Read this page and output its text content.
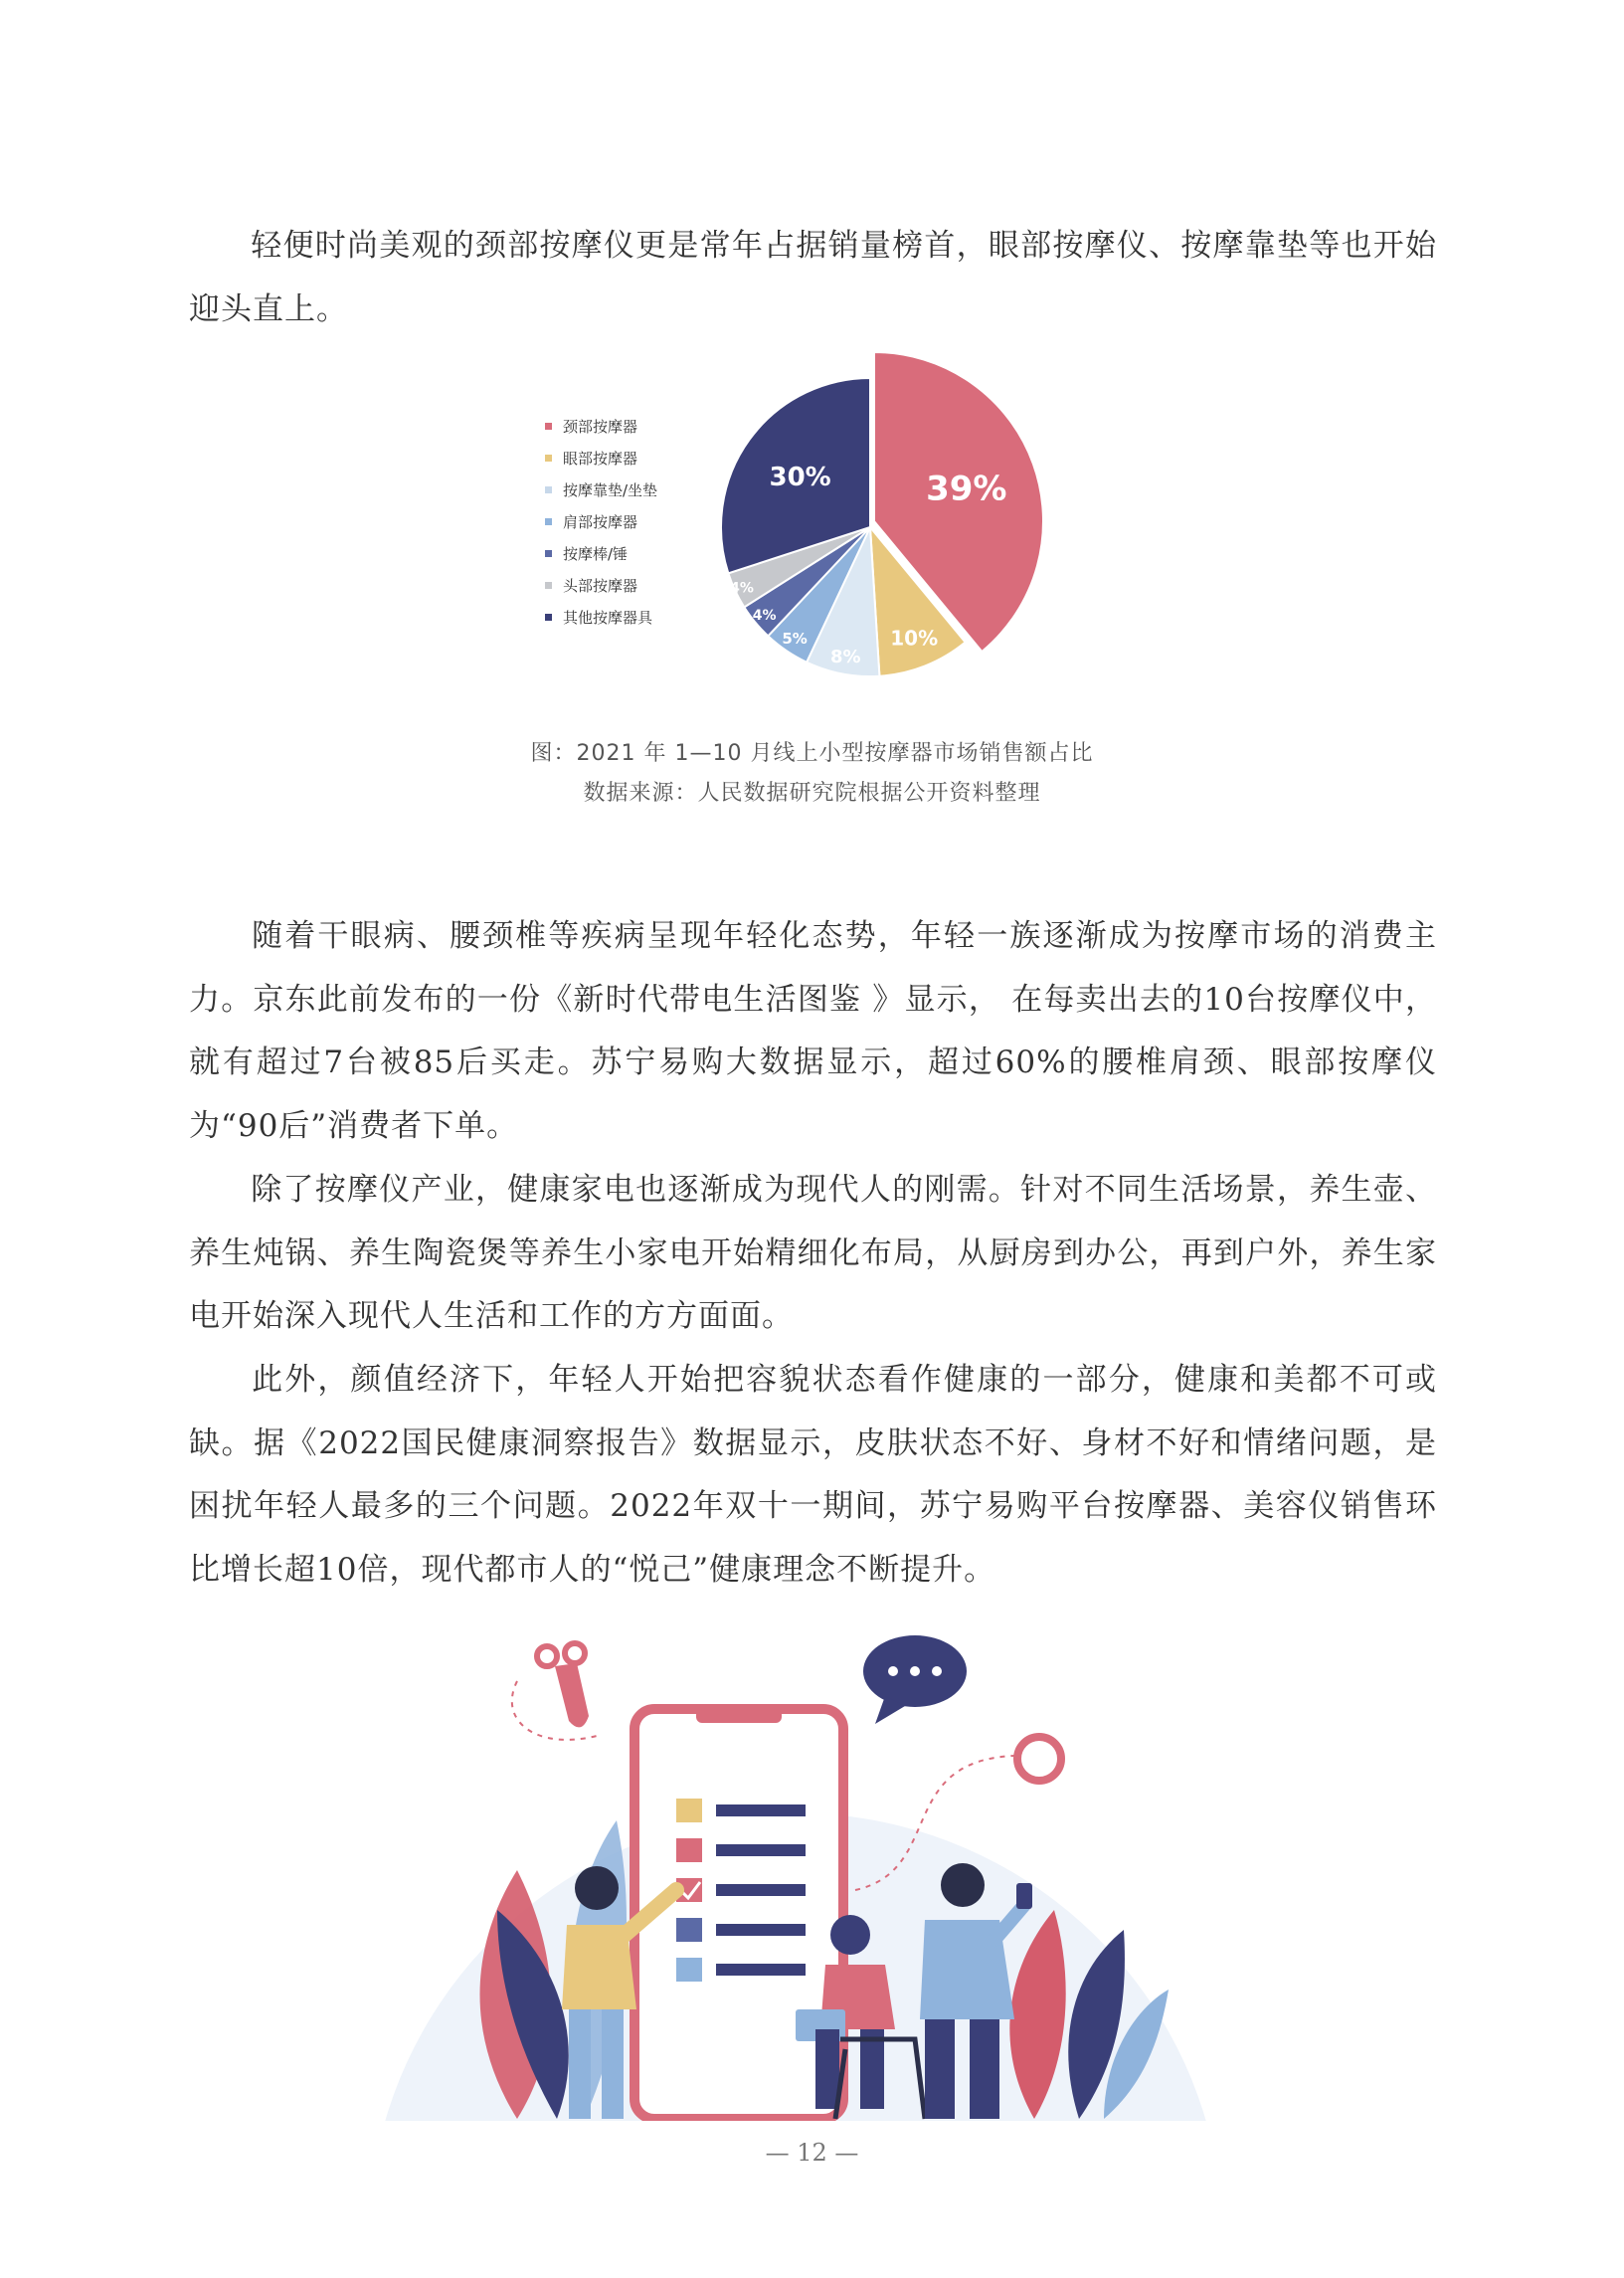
轻便时尚美观的颈部按摩仪更是常年占据销量榜首，眼部按摩仪、按摩靠垫等也开始迎头直上。

39%
10%
8%
5%
4%
4%
30%
颈部按摩器
眼部按摩器
按摩靠垫/坐垫
肩部按摩器
按摩棒/锤
头部按摩器
其他按摩器具
图：2021 年 1—10 月线上小型按摩器市场销售额占比
数据来源：人民数据研究院根据公开资料整理

随着干眼病、腰颈椎等疾病呈现年轻化态势，年轻一族逐渐成为按摩市场的消费主力。京东此前发布的一份《新时代带电生活图鉴 》显示， 在每卖出去的10台按摩仪中， 就有超过7台被85后买走。苏宁易购大数据显示，超过60%的腰椎肩颈、眼部按摩仪为“90后”消费者下单。

除了按摩仪产业，健康家电也逐渐成为现代人的刚需。针对不同生活场景，养生壶、养生炖锅、养生陶瓷煲等养生小家电开始精细化布局，从厨房到办公，再到户外，养生家电开始深入现代人生活和工作的方方面面。

此外，颜值经济下，年轻人开始把容貌状态看作健康的一部分，健康和美都不可或缺。据《2022国民健康洞察报告》数据显示，皮肤状态不好、身材不好和情绪问题，是困扰年轻人最多的三个问题。2022年双十一期间，苏宁易购平台按摩器、美容仪销售环比增长超10倍，现代都市人的“悦己”健康理念不断提升。

— 12 —
